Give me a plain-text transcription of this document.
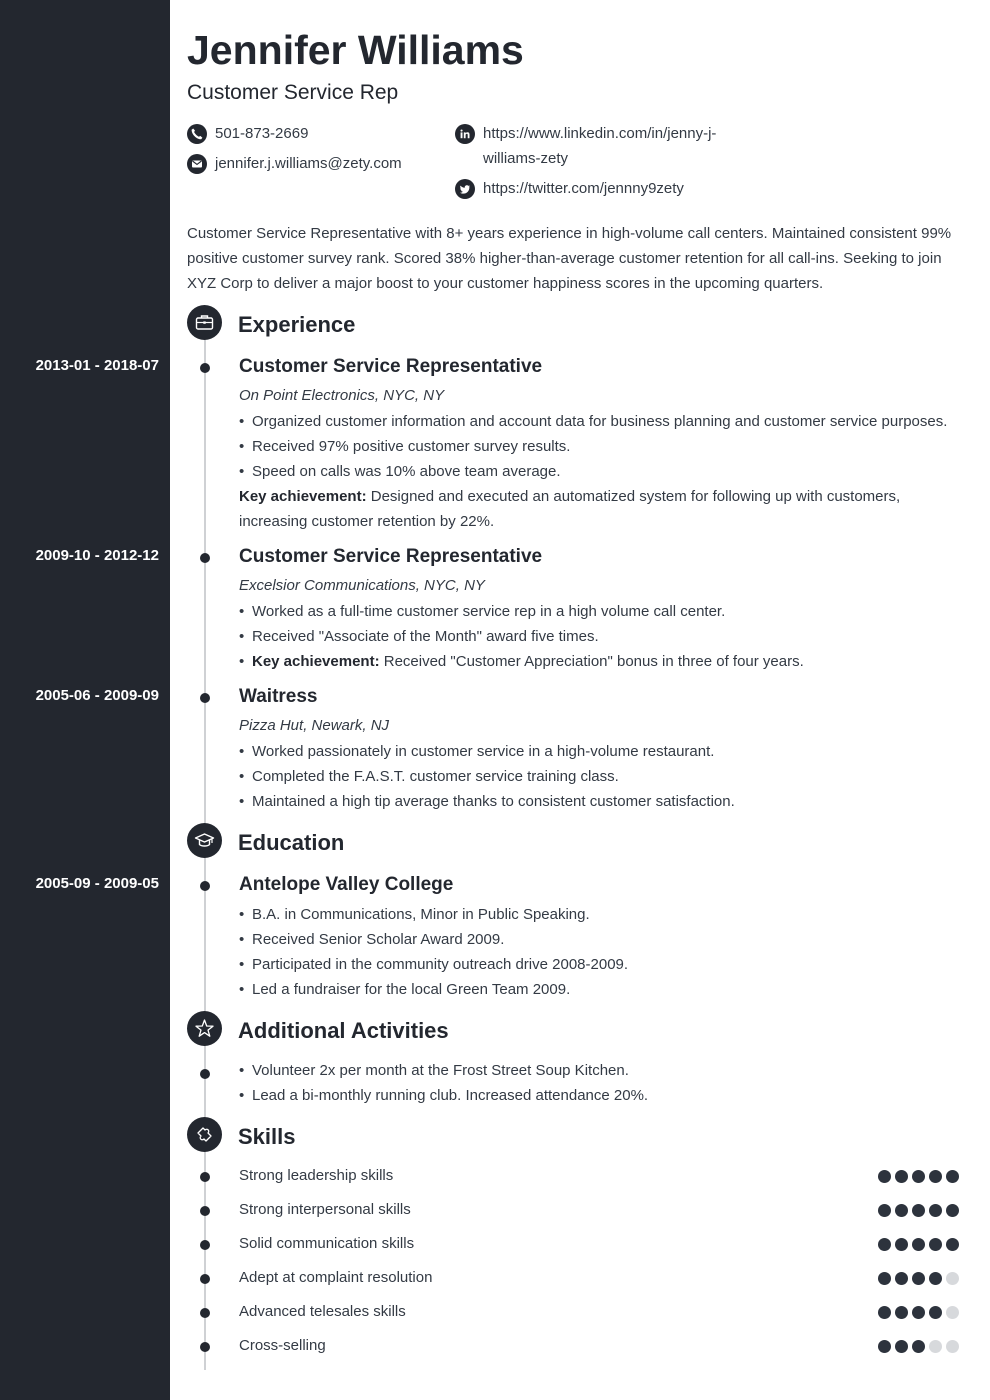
Jennifer Williams
Customer Service Rep
501-873-2669
jennifer.j.williams@zety.com
https://www.linkedin.com/in/jenny-j-
williams-zety
https://twitter.com/jennny9zety

Customer Service Representative with 8+ years experience in high-volume call centers. Maintained consistent 99% positive customer survey rank. Scored 38% higher-than-average customer retention for all call-ins. Seeking to join XYZ Corp to deliver a major boost to your customer happiness scores in the upcoming quarters.

Experience
2013-01 - 2018-07	Customer Service Representative
On Point Electronics, NYC, NY
• Organized customer information and account data for business planning and customer service purposes.
• Received 97% positive customer survey results.
• Speed on calls was 10% above team average.

Key achievement: Designed and executed an automatized system for following up with customers, increasing customer retention by 22%.

2009-10 - 2012-12	Customer Service Representative
Excelsior Communications, NYC, NY
• Worked as a full-time customer service rep in a high volume call center.
• Received "Associate of the Month" award five times.
• Key achievement: Received "Customer Appreciation" bonus in three of four years.
2005-06 - 2009-09	Waitress
Pizza Hut, Newark, NJ
• Worked passionately in customer service in a high-volume restaurant.
• Completed the F.A.S.T. customer service training class.
• Maintained a high tip average thanks to consistent customer satisfaction.
Education
2005-09 - 2009-05	Antelope Valley College
• B.A. in Communications, Minor in Public Speaking.
• Received Senior Scholar Award 2009.
• Participated in the community outreach drive 2008-2009.
• Led a fundraiser for the local Green Team 2009.
Additional Activities
• Volunteer 2x per month at the Frost Street Soup Kitchen.
• Lead a bi-monthly running club. Increased attendance 20%.
Skills
Strong leadership skills
Strong interpersonal skills
Solid communication skills
Adept at complaint resolution
Advanced telesales skills
Cross-selling
